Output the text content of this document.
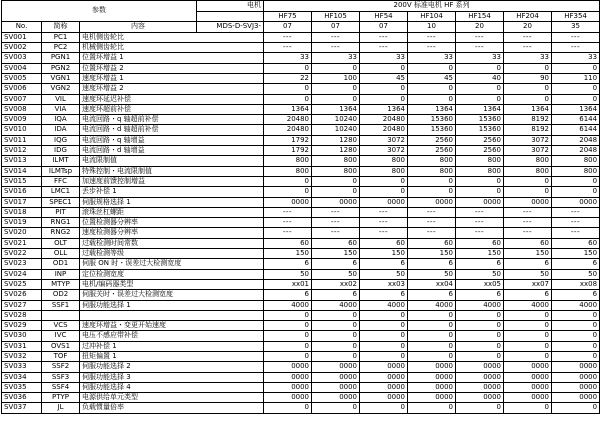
参数			电机	200V 标准电机 HF 系列						
				HF75	HF105	HF54	HF104	HF154	HF204	HF354
No.	简称	内容	MDS-D-SVJ3-	07	07	07	10	20	20	35
SV001	PC1	电机侧齿轮比		---	---	---	---	---	---	---
SV002	PC2	机械侧齿轮比		---	---	---	---	---	---	---
SV003	PGN1	位置环增益 1		33	33	33	33	33	33	33
SV004	PGN2	位置环增益 2		0	0	0	0	0	0	0
SV005	VGN1	速度环增益 1		22	100	45	45	40	90	110
SV006	VGN2	速度环增益 2		0	0	0	0	0	0	0
SV007	VIL	速度环延迟补偿		0	0	0	0	0	0	0
SV008	VIA	速度环超前补偿		1364	1364	1364	1364	1364	1364	1364
SV009	IQA	电流回路・q 轴超前补偿		20480	10240	20480	15360	15360	8192	6144
SV010	IDA	电流回路・d 轴超前补偿		20480	10240	20480	15360	15360	8192	6144
SV011	IQG	电流回路・q 轴增益		1792	1280	3072	2560	2560	3072	2048
SV012	IDG	电流回路・d 轴增益		1792	1280	3072	2560	2560	3072	2048
SV013	ILMT	电流限制值		800	800	800	800	800	800	800
SV014	ILMTsp	特殊控制・电流限制值		800	800	800	800	800	800	800
SV015	FFC	加速度前馈控制增益		0	0	0	0	0	0	0
SV016	LMC1	丢步补偿 1		0	0	0	0	0	0	0
SV017	SPEC1	伺服规格选择 1		0000	0000	0000	0000	0000	0000	0000
SV018	PIT	滚珠丝杠螺距		---	---	---	---	---	---	---
SV019	RNG1	位置检测器分辨率		---	---	---	---	---	---	---
SV020	RNG2	速度检测器分辨率		---	---	---	---	---	---	---
SV021	OLT	过载检测时间常数		60	60	60	60	60	60	60
SV022	OLL	过载检测等级		150	150	150	150	150	150	150
SV023	OD1	伺服 ON 时・误差过大检测宽度		6	6	6	6	6	6	6
SV024	INP	定位检测宽度		50	50	50	50	50	50	50
SV025	MTYP	电机/编码器类型		xx01	xx02	xx03	xx04	xx05	xx07	xx08
SV026	OD2	伺服关时・误差过大检测宽度		6	6	6	6	6	6	6
SV027	SSF1	伺服功能选择 1		4000	4000	4000	4000	4000	4000	4000
SV028				0	0	0	0	0	0	0
SV029	VCS	速度环增益・变更开始速度		0	0	0	0	0	0	0
SV030	IVC	电压不感应带补偿		0	0	0	0	0	0	0
SV031	OVS1	过冲补偿 1		0	0	0	0	0	0	0
SV032	TOF	扭矩偏置 1		0	0	0	0	0	0	0
SV033	SSF2	伺服功能选择 2		0000	0000	0000	0000	0000	0000	0000
SV034	SSF3	伺服功能选择 3		0000	0000	0000	0000	0000	0000	0000
SV035	SSF4	伺服功能选择 4		0000	0000	0000	0000	0000	0000	0000
SV036	PTYP	电源供给单元类型		0000	0000	0000	0000	0000	0000	0000
SV037	JL	负载惯量倍率		0	0	0	0	0	0	0
